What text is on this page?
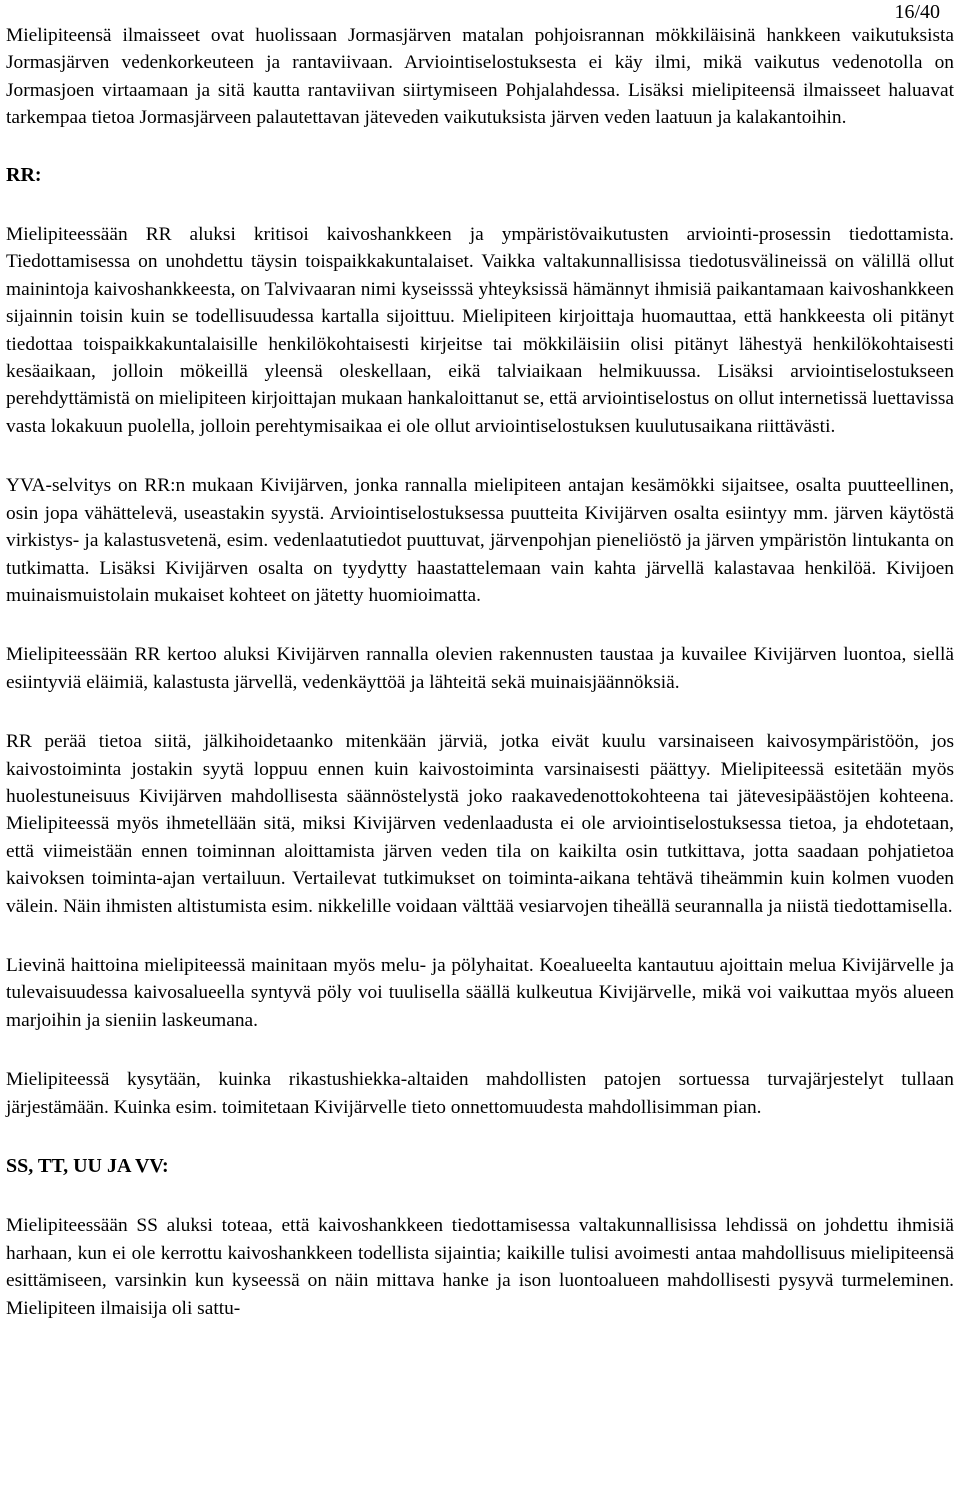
16/40

Mielipiteensä ilmaisseet ovat huolissaan Jormasjärven matalan pohjoisrannan mökkiläisinä hankkeen vaikutuksista Jormasjärven vedenkorkeuteen ja rantaviivaan. Arviointiselostuksesta ei käy ilmi, mikä vaikutus vedenotolla on Jormasjoen virtaamaan ja sitä kautta rantaviivan siirtymiseen Pohjalahdessa. Lisäksi mielipiteensä ilmaisseet haluavat tarkempaa tietoa Jormasjärveen palautettavan jäteveden vaikutuksista järven veden laatuun ja kalakantoihin.

RR:

Mielipiteessään RR aluksi kritisoi kaivoshankkeen ja ympäristövaikutusten arviointi-prosessin tiedottamista. Tiedottamisessa on unohdettu täysin toispaikkakuntalaiset. Vaikka valtakunnallisissa tiedotusvälineissä on välillä ollut mainintoja kaivoshankkeesta, on Talvivaaran nimi kyseisssä yhteyksissä hämännyt ihmisiä paikantamaan kaivoshankkeen sijainnin toisin kuin se todellisuudessa kartalla sijoittuu. Mielipiteen kirjoittaja huomauttaa, että hankkeesta oli pitänyt tiedottaa toispaikkakuntalaisille henkilökohtaisesti kirjeitse tai mökkiläisiin olisi pitänyt lähestyä henkilökohtaisesti kesäaikaan, jolloin mökeillä yleensä oleskellaan, eikä talviaikaan helmikuussa. Lisäksi arviointiselostukseen perehdyttämistä on mielipiteen kirjoittajan mukaan hankaloittanut se, että arviointiselostus on ollut internetissä luettavissa vasta lokakuun puolella, jolloin perehtymisaikaa ei ole ollut arviointiselostuksen kuulutusaikana riittävästi.

YVA-selvitys on RR:n mukaan Kivijärven, jonka rannalla mielipiteen antajan kesämökki sijaitsee, osalta puutteellinen, osin jopa vähättelevä, useastakin syystä. Arviointiselostuksessa puutteita Kivijärven osalta esiintyy mm. järven käytöstä virkistys- ja kalastusvetenä, esim. vedenlaatutiedot puuttuvat, järvenpohjan pieneliöstö ja järven ympäristön lintukanta on tutkimatta. Lisäksi Kivijärven osalta on tyydytty haastattelemaan vain kahta järvellä kalastavaa henkilöä. Kivijoen muinaismuistolain mukaiset kohteet on jätetty huomioimatta.

Mielipiteessään RR kertoo aluksi Kivijärven rannalla olevien rakennusten taustaa ja kuvailee Kivijärven luontoa, siellä esiintyviä eläimiä, kalastusta järvellä, vedenkäyttöä ja lähteitä sekä muinaisjäännöksiä.

RR perää tietoa siitä, jälkihoidetaanko mitenkään järviä, jotka eivät kuulu varsinaiseen kaivosympäristöön, jos kaivostoiminta jostakin syytä loppuu ennen kuin kaivostoiminta varsinaisesti päättyy. Mielipiteessä esitetään myös huolestuneisuus Kivijärven mahdollisesta säännöstelystä joko raakavedenottokohteena tai jätevesipäästöjen kohteena. Mielipiteessä myös ihmetellään sitä, miksi Kivijärven vedenlaadusta ei ole arviointiselostuksessa tietoa, ja ehdotetaan, että viimeistään ennen toiminnan aloittamista järven veden tila on kaikilta osin tutkittava, jotta saadaan pohjatietoa kaivoksen toiminta-ajan vertailuun. Vertailevat tutkimukset on toiminta-aikana tehtävä tiheämmin kuin kolmen vuoden välein. Näin ihmisten altistumista esim. nikkelille voidaan välttää vesiarvojen tiheällä seurannalla ja niistä tiedottamisella.

Lievinä haittoina mielipiteessä mainitaan myös melu- ja pölyhaitat. Koealueelta kantautuu ajoittain melua Kivijärvelle ja tulevaisuudessa kaivosalueella syntyvä pöly voi tuulisella säällä kulkeutua Kivijärvelle, mikä voi vaikuttaa myös alueen marjoihin ja sieniin laskeumana.

Mielipiteessä kysytään, kuinka rikastushiekka-altaiden mahdollisten patojen sortuessa turvajärjestelyt tullaan järjestämään. Kuinka esim. toimitetaan Kivijärvelle tieto onnettomuudesta mahdollisimman pian.

SS, TT, UU JA VV:

Mielipiteessään SS aluksi toteaa, että kaivoshankkeen tiedottamisessa valtakunnallisissa lehdissä on johdettu ihmisiä harhaan, kun ei ole kerrottu kaivoshankkeen todellista sijaintia; kaikille tulisi avoimesti antaa mahdollisuus mielipiteensä esittämiseen, varsinkin kun kyseessä on näin mittava hanke ja ison luontoalueen mahdollisesti pysyvä turmeleminen. Mielipiteen ilmaisija oli sattu-
